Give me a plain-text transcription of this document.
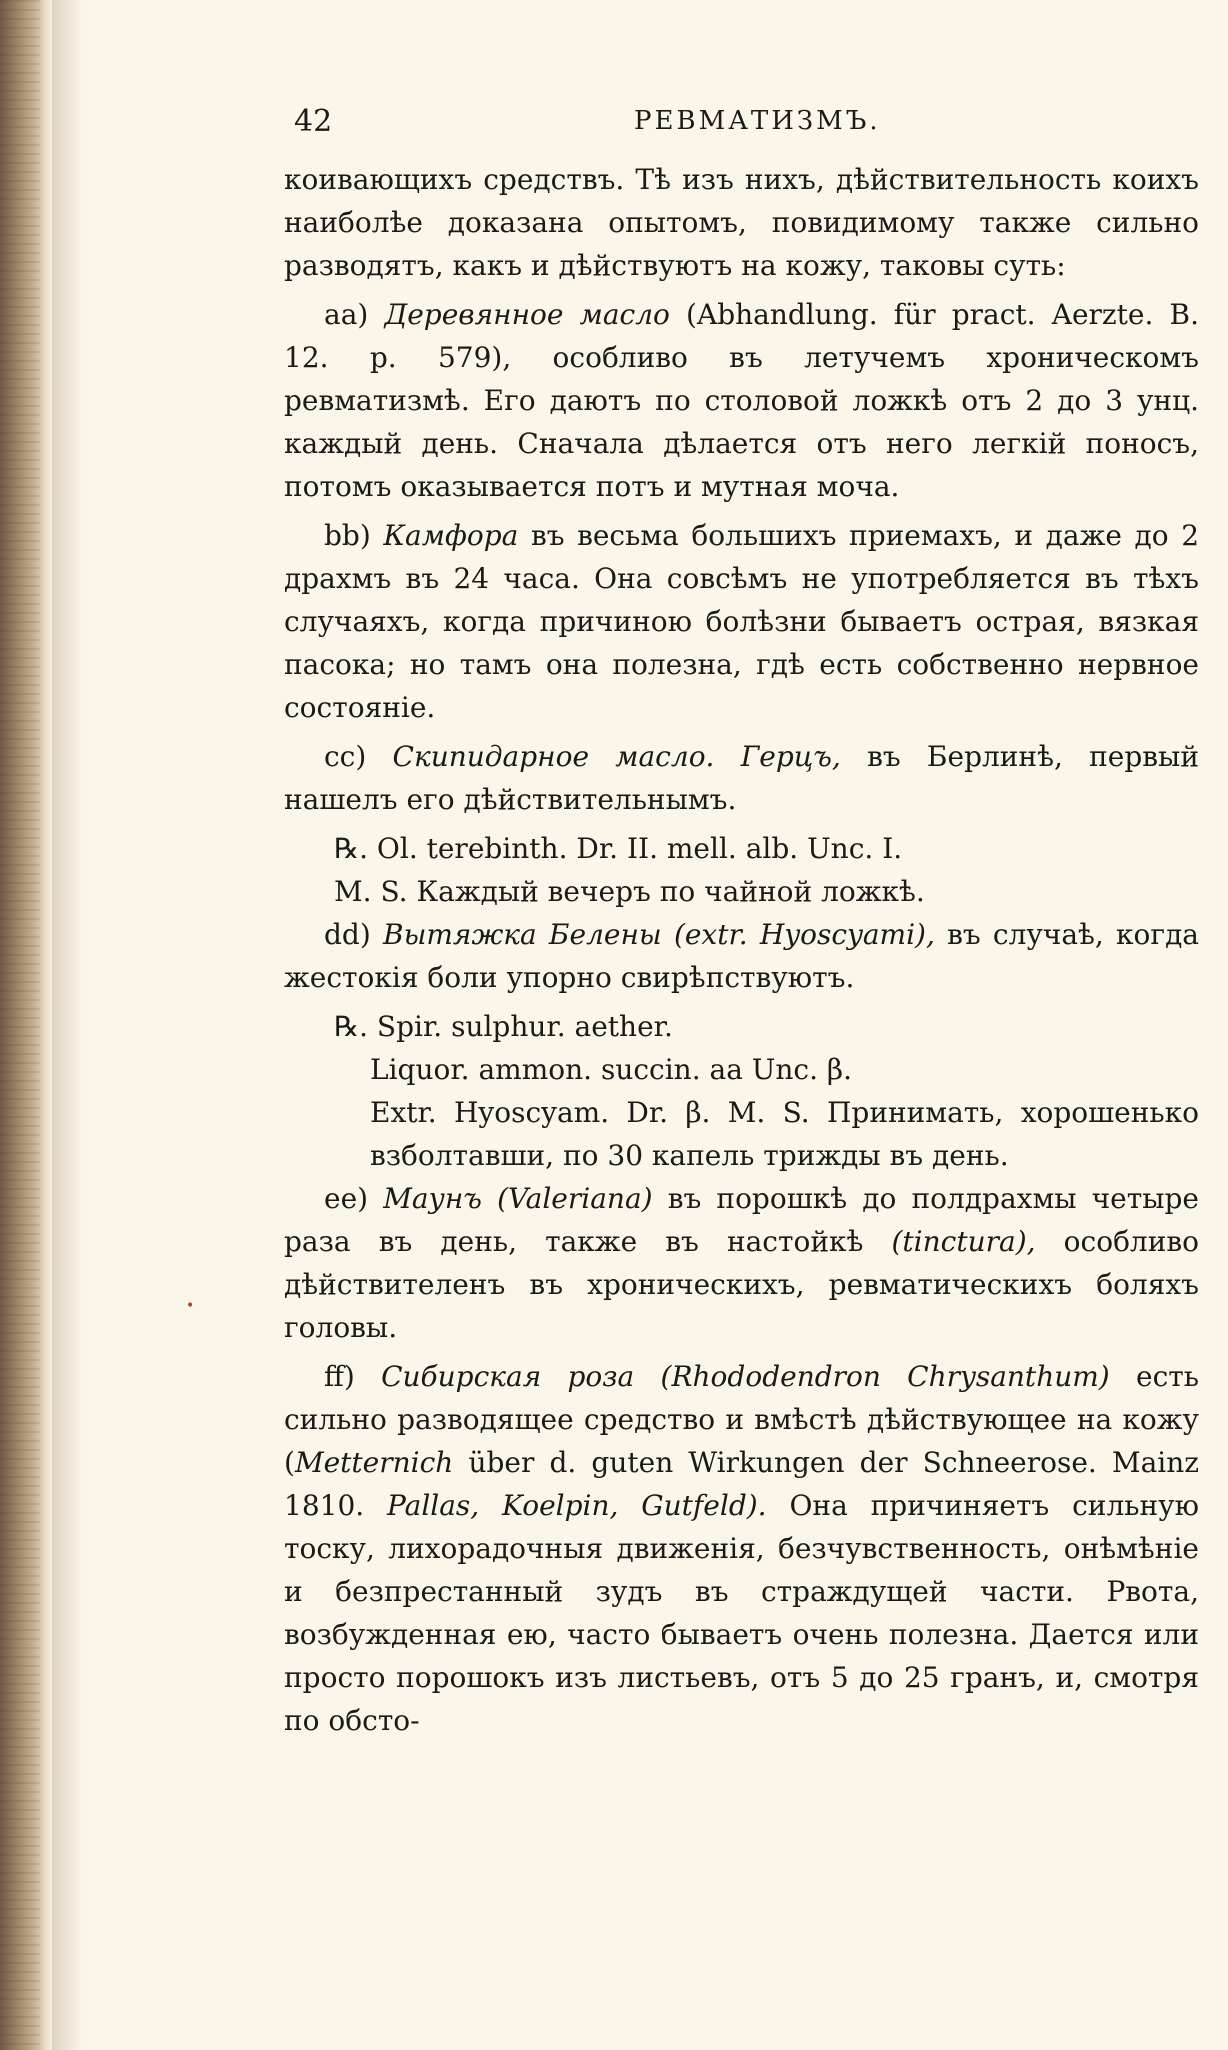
42	РЕВМАТИЗМЪ.

коивающихъ средствъ. Тѣ изъ нихъ, дѣйствительность коихъ наиболѣе доказана опытомъ, повидимому также сильно разводятъ, какъ и дѣйствуютъ на кожу, таковы суть:

aa) Деревянное масло (Abhandlung. für pract. Aerzte. B. 12. p. 579), особливо въ летучемъ хроническомъ ревматизмѣ. Его даютъ по столовой ложкѣ отъ 2 до 3 унц. каждый день. Сначала дѣлается отъ него легкій поносъ, потомъ оказывается потъ и мутная моча.

bb) Камфора въ весьма большихъ приемахъ, и даже до 2 драхмъ въ 24 часа. Она совсѣмъ не употребляется въ тѣхъ случаяхъ, когда причиною болѣзни бываетъ острая, вязкая пасока; но тамъ она полезна, гдѣ есть собственно нервное состояніе.

cc) Скипидарное масло. Герцъ, въ Берлинѣ, первый нашелъ его дѣйствительнымъ.

℞. Ol. terebinth. Dr. II. mell. alb. Unc. I.
M. S. Каждый вечеръ по чайной ложкѣ.

dd) Вытяжка Белены (extr. Hyoscyami), въ случаѣ, когда жестокія боли упорно свирѣпствуютъ.

℞. Spir. sulphur. aether.
Liquor. ammon. succin. aa Unc. β.
Extr. Hyoscyam. Dr. β. M. S. Принимать, хорошенько взболтавши, по 30 капель трижды въ день.

ee) Маунъ (Valeriana) въ порошкѣ до полдрахмы четыре раза въ день, также въ настойкѣ (tinctura), особливо дѣйствителенъ въ хроническихъ, ревматическихъ боляхъ головы.

ff) Сибирская роза (Rhododendron Chrysanthum) есть сильно разводящее средство и вмѣстѣ дѣйствующее на кожу (Metternich über d. guten Wirkungen der Schneerose. Mainz 1810. Pallas, Koelpin, Gutfeld). Она причиняетъ сильную тоску, лихорадочныя движенія, безчувственность, онѣмѣніе и безпрестанный зудъ въ страждущей части. Рвота, возбужденная ею, часто бываетъ очень полезна. Дается или просто порошокъ изъ листьевъ, отъ 5 до 25 гранъ, и, смотря по обсто-

•
